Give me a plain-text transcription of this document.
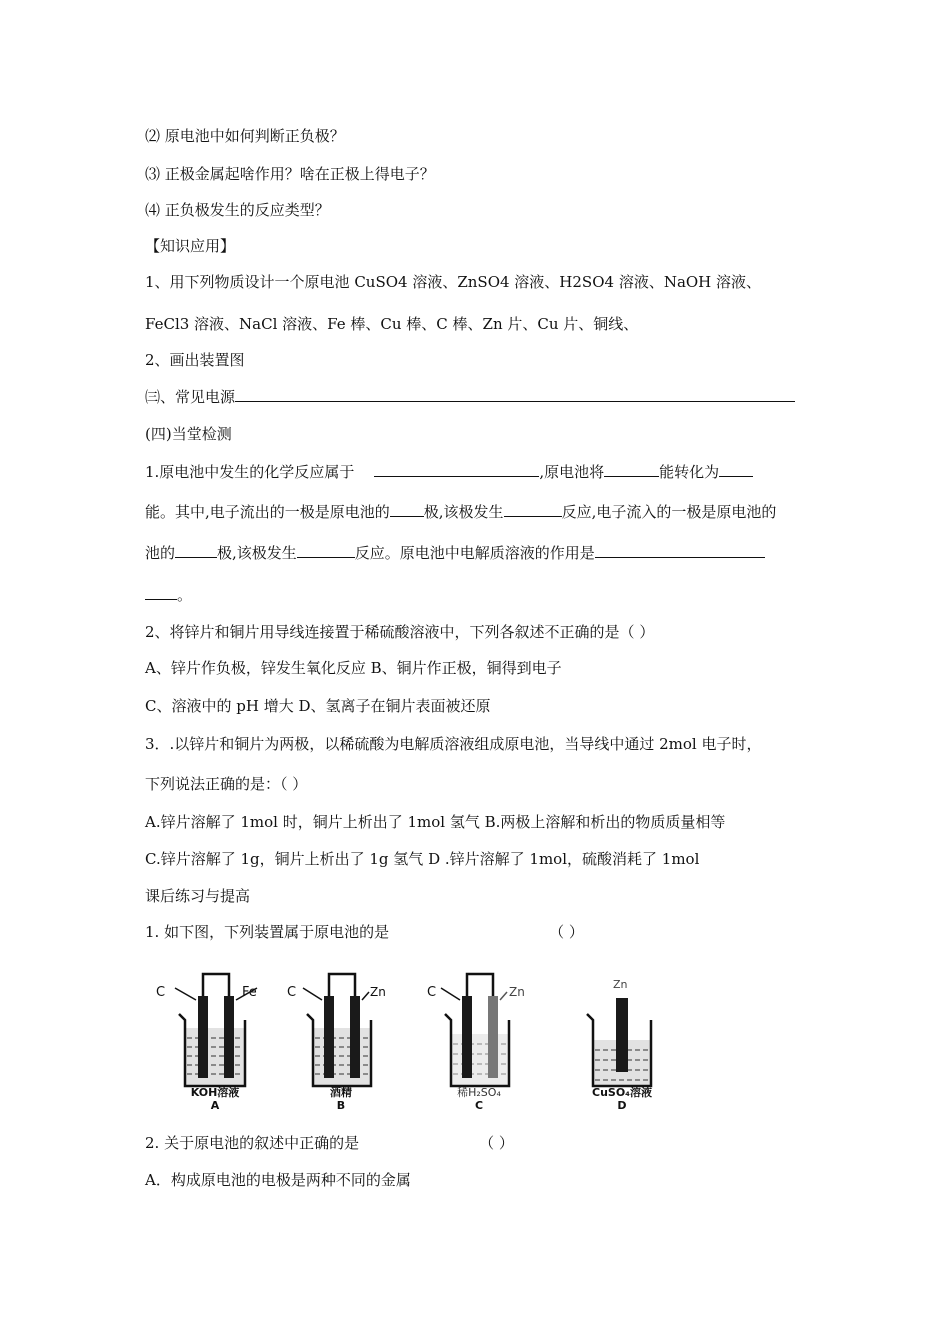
⑵ 原电池中如何判断正负极？
⑶ 正极金属起啥作用？啥在正极上得电子？
⑷ 正负极发生的反应类型？
【知识应用】
1、用下列物质设计一个原电池 CuSO4 溶液、ZnSO4 溶液、H2SO4 溶液、NaOH 溶液、
FeCl3 溶液、NaCl 溶液、Fe 棒、Cu 棒、C 棒、Zn 片、Cu 片、铜线、
2、画出装置图
㈢、常见电源
(四)当堂检测
1.原电池中发生的化学反应属于	,原电池将	能转化为
能。其中,电子流出的一极是原电池的 极,该极发生	反应,电子流入的一极是原电池的
池的	极,该极发生	反应。原电池中电解质溶液的作用是
。
2、将锌片和铜片用导线连接置于稀硫酸溶液中，下列各叙述不正确的是（ ）
A、锌片作负极，锌发生氧化反应 B、铜片作正极，铜得到电子
C、溶液中的 pH 增大 D、氢离子在铜片表面被还原
3．.以锌片和铜片为两极，以稀硫酸为电解质溶液组成原电池，当导线中通过 2mol 电子时，
下列说法正确的是：（ ）
A.锌片溶解了 1mol 时，铜片上析出了 1mol 氢气 B.两极上溶解和析出的物质质量相等
C.锌片溶解了 1g，铜片上析出了 1g 氢气 D .锌片溶解了 1mol，硫酸消耗了 1mol
课后练习与提高
1. 如下图，下列装置属于原电池的是	（ ）
C	Fe
KOH溶液
A
C	Zn
酒精
B
C	Zn
稀H₂SO₄
C
Zn
CuSO₄溶液
D
2. 关于原电池的叙述中正确的是	（ ）
A．构成原电池的电极是两种不同的金属
